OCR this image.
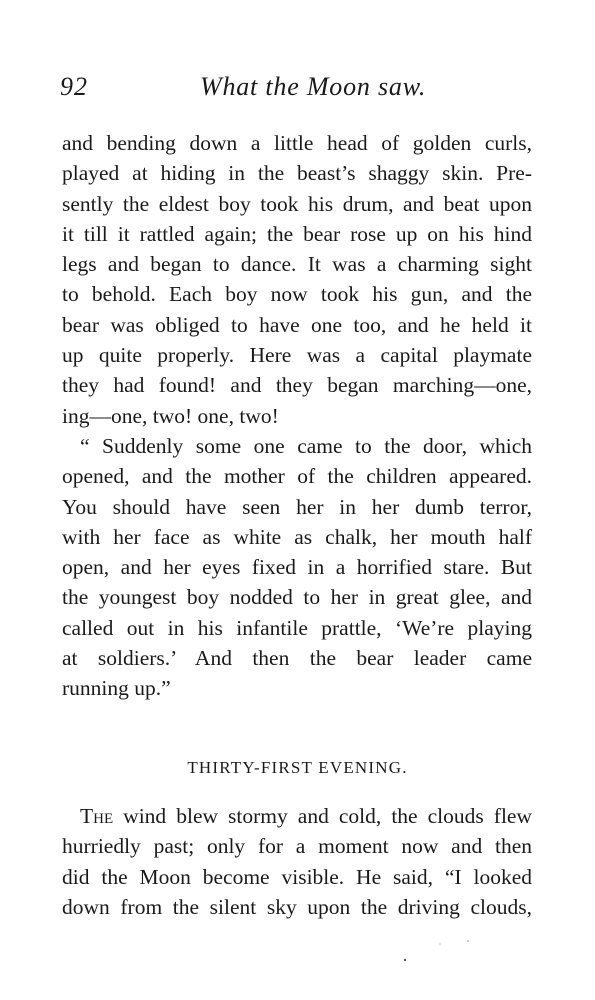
92	What the Moon saw.
and bending down a little head of golden curls,
played at hiding in the beast’s shaggy skin. Pre-
sently the eldest boy took his drum, and beat upon
it till it rattled again; the bear rose up on his hind
legs and began to dance. It was a charming sight
to behold. Each boy now took his gun, and the
bear was obliged to have one too, and he held it
up quite properly. Here was a capital playmate
they had found! and they began marching—one,
ing—one, two! one, two!
“ Suddenly some one came to the door, which
opened, and the mother of the children appeared.
You should have seen her in her dumb terror,
with her face as white as chalk, her mouth half
open, and her eyes fixed in a horrified stare. But
the youngest boy nodded to her in great glee, and
called out in his infantile prattle, ‘We’re playing
at soldiers.’ And then the bear leader came
running up.”
THIRTY-FIRST EVENING.
The wind blew stormy and cold, the clouds flew
hurriedly past; only for a moment now and then
did the Moon become visible. He said, “I looked
down from the silent sky upon the driving clouds,
